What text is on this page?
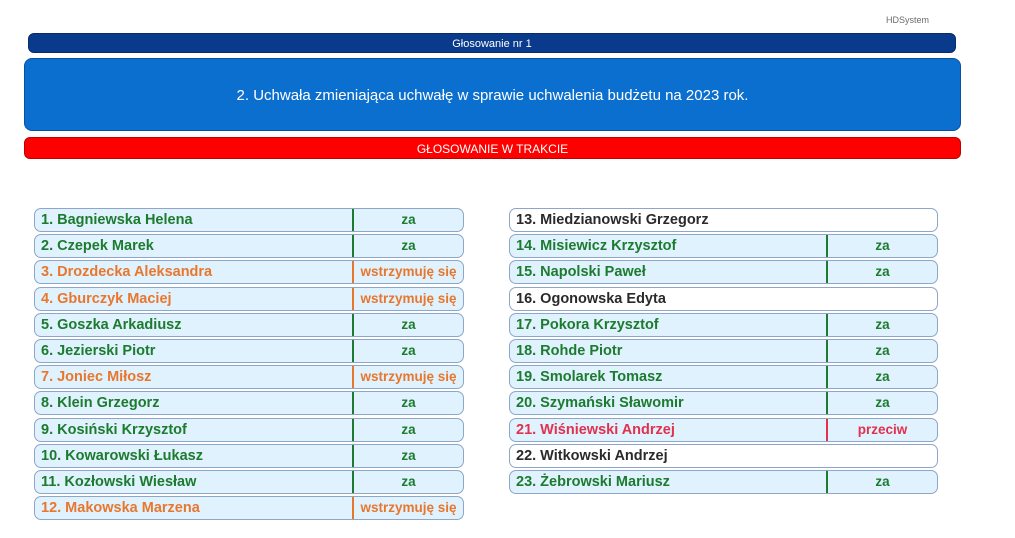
HDSystem
Głosowanie nr 1
2. Uchwała zmieniająca uchwałę w sprawie uchwalenia budżetu na 2023 rok.
GŁOSOWANIE W TRAKCIE
1. Bagniewska Helena	za
2. Czepek Marek	za
3. Drozdecka Aleksandra	wstrzymuję się
4. Gburczyk Maciej	wstrzymuję się
5. Goszka Arkadiusz	za
6. Jezierski Piotr	za
7. Joniec Miłosz	wstrzymuję się
8. Klein Grzegorz	za
9. Kosiński Krzysztof	za
10. Kowarowski Łukasz	za
11. Kozłowski Wiesław	za
12. Makowska Marzena	wstrzymuję się
13. Miedzianowski Grzegorz
14. Misiewicz Krzysztof	za
15. Napolski Paweł	za
16. Ogonowska Edyta
17. Pokora Krzysztof	za
18. Rohde Piotr	za
19. Smolarek Tomasz	za
20. Szymański Sławomir	za
21. Wiśniewski Andrzej	przeciw
22. Witkowski Andrzej
23. Żebrowski Mariusz	za
